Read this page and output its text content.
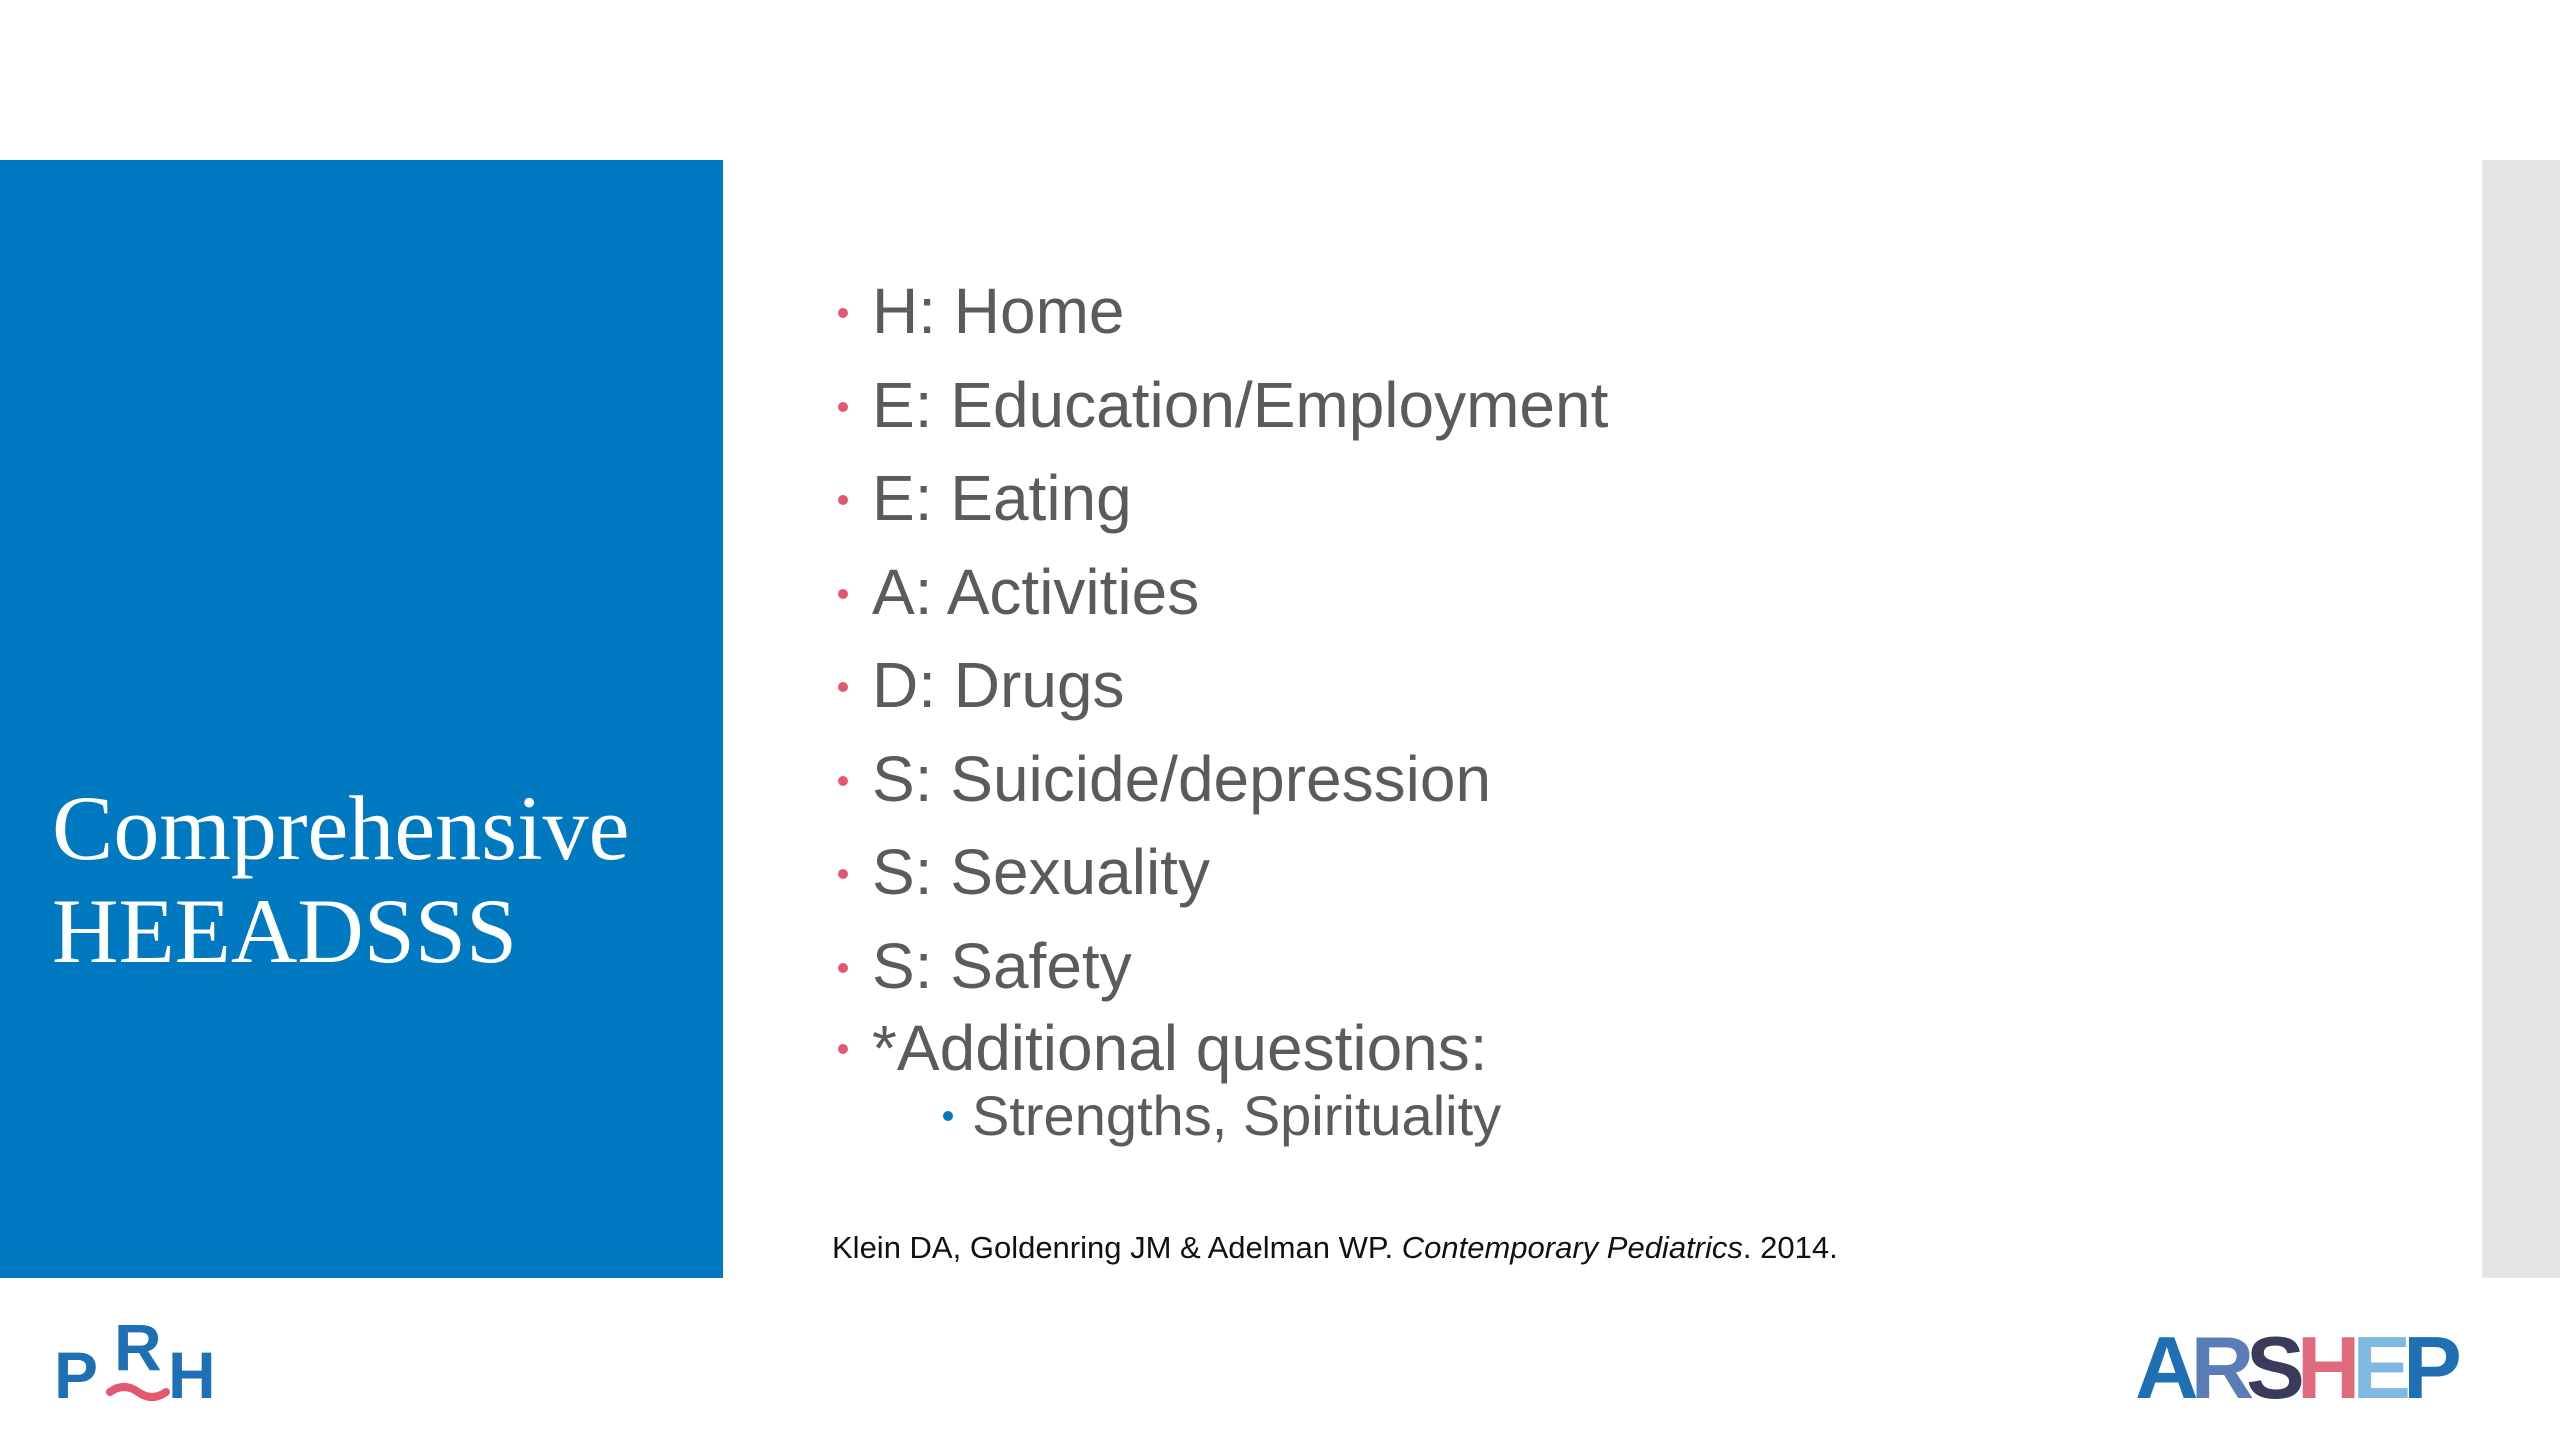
Comprehensive
HEEADSSS
H: Home
E: Education/Employment
E: Eating
A: Activities
D: Drugs
S: Suicide/depression
S: Sexuality
S: Safety
*Additional questions:
Strengths, Spirituality
Klein DA, Goldenring JM & Adelman WP. Contemporary Pediatrics. 2014.
P R H	ARSHEP
